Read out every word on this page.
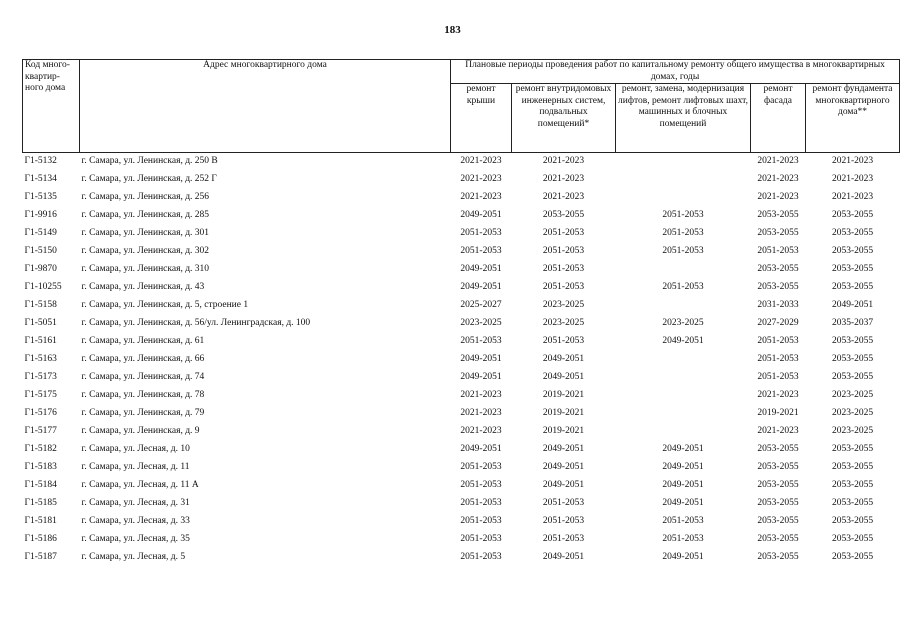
183
Код много-квартир-ного дома	Адрес многоквартирного дома	Плановые периоды проведения работ по капитальному ремонту общего имущества в многоквартирных домах, годы				
		ремонт крыши	ремонт внутридомовых инженерных систем, подвальных помещений*	ремонт, замена, модернизация лифтов, ремонт лифтовых шахт, машинных и блочных помещений	ремонт фасада	ремонт фундамента многоквартирного дома**
Г1-5132	г. Самара, ул. Ленинская, д. 250 В	2021-2023	2021-2023		2021-2023	2021-2023
Г1-5134	г. Самара, ул. Ленинская, д. 252 Г	2021-2023	2021-2023		2021-2023	2021-2023
Г1-5135	г. Самара, ул. Ленинская, д. 256	2021-2023	2021-2023		2021-2023	2021-2023
Г1-9916	г. Самара, ул. Ленинская, д. 285	2049-2051	2053-2055	2051-2053	2053-2055	2053-2055
Г1-5149	г. Самара, ул. Ленинская, д. 301	2051-2053	2051-2053	2051-2053	2053-2055	2053-2055
Г1-5150	г. Самара, ул. Ленинская, д. 302	2051-2053	2051-2053	2051-2053	2051-2053	2053-2055
Г1-9870	г. Самара, ул. Ленинская, д. 310	2049-2051	2051-2053		2053-2055	2053-2055
Г1-10255	г. Самара, ул. Ленинская, д. 43	2049-2051	2051-2053	2051-2053	2053-2055	2053-2055
Г1-5158	г. Самара, ул. Ленинская, д. 5, строение 1	2025-2027	2023-2025		2031-2033	2049-2051
Г1-5051	г. Самара, ул. Ленинская, д. 56/ул. Ленинградская, д. 100	2023-2025	2023-2025	2023-2025	2027-2029	2035-2037
Г1-5161	г. Самара, ул. Ленинская, д. 61	2051-2053	2051-2053	2049-2051	2051-2053	2053-2055
Г1-5163	г. Самара, ул. Ленинская, д. 66	2049-2051	2049-2051		2051-2053	2053-2055
Г1-5173	г. Самара, ул. Ленинская, д. 74	2049-2051	2049-2051		2051-2053	2053-2055
Г1-5175	г. Самара, ул. Ленинская, д. 78	2021-2023	2019-2021		2021-2023	2023-2025
Г1-5176	г. Самара, ул. Ленинская, д. 79	2021-2023	2019-2021		2019-2021	2023-2025
Г1-5177	г. Самара, ул. Ленинская, д. 9	2021-2023	2019-2021		2021-2023	2023-2025
Г1-5182	г. Самара, ул. Лесная, д. 10	2049-2051	2049-2051	2049-2051	2053-2055	2053-2055
Г1-5183	г. Самара, ул. Лесная, д. 11	2051-2053	2049-2051	2049-2051	2053-2055	2053-2055
Г1-5184	г. Самара, ул. Лесная, д. 11 А	2051-2053	2049-2051	2049-2051	2053-2055	2053-2055
Г1-5185	г. Самара, ул. Лесная, д. 31	2051-2053	2051-2053	2049-2051	2053-2055	2053-2055
Г1-5181	г. Самара, ул. Лесная, д. 33	2051-2053	2051-2053	2051-2053	2053-2055	2053-2055
Г1-5186	г. Самара, ул. Лесная, д. 35	2051-2053	2051-2053	2051-2053	2053-2055	2053-2055
Г1-5187	г. Самара, ул. Лесная, д. 5	2051-2053	2049-2051	2049-2051	2053-2055	2053-2055
